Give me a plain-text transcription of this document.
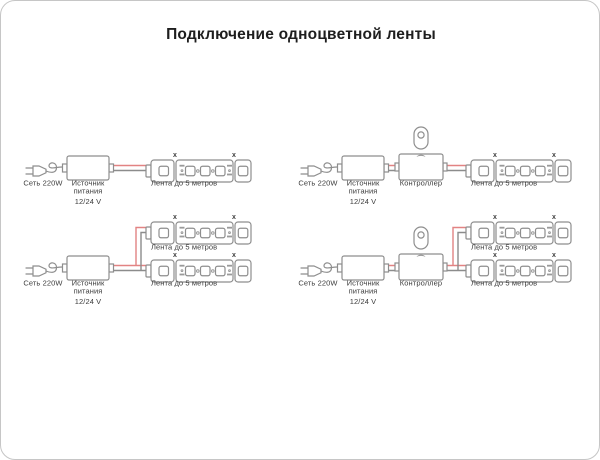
Подключение одноцветной ленты
x	x
Сеть 220W Источник
питания
12/24 V
Лента до 5 метров
x	x
Сеть 220W Источник
питания
12/24 V
Контроллер	Лента до 5 метров
x	x
x	x
Сеть 220W Источник
питания
12/24 V
Лента до 5 метров
Лента до 5 метров
x	x
x	x
Сеть 220W Источник
питания
12/24 V
Контроллер
Лента до 5 метров
Лента до 5 метров
